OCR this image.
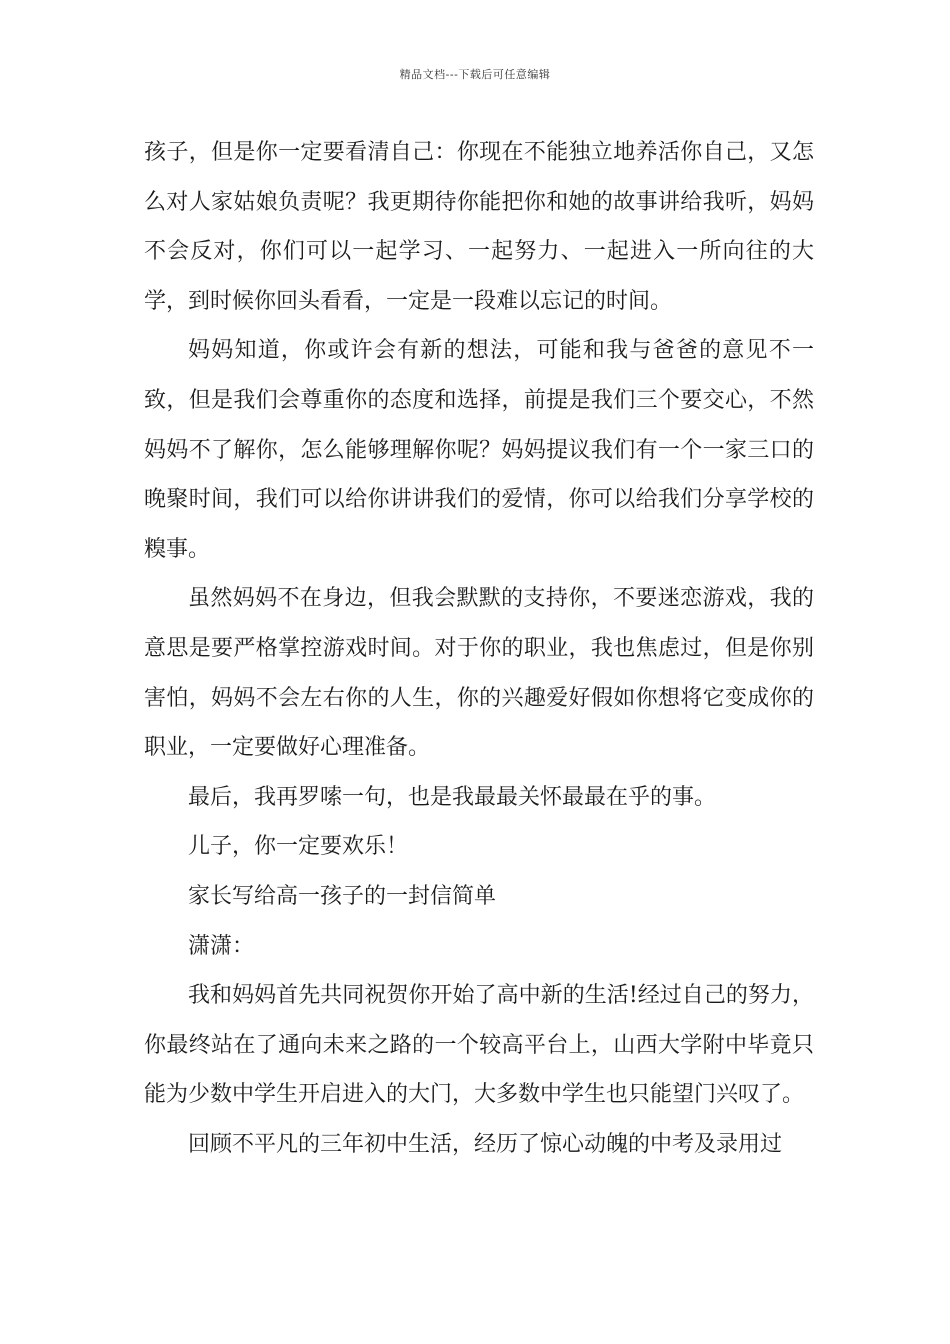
精品文档---下载后可任意编辑

孩子，但是你一定要看清自己：你现在不能独立地养活你自己，又怎么对人家姑娘负责呢？我更期待你能把你和她的故事讲给我听，妈妈不会反对，你们可以一起学习、一起努力、一起进入一所向往的大学，到时候你回头看看，一定是一段难以忘记的时间。

妈妈知道，你或许会有新的想法，可能和我与爸爸的意见不一致，但是我们会尊重你的态度和选择，前提是我们三个要交心，不然妈妈不了解你，怎么能够理解你呢？妈妈提议我们有一个一家三口的晚聚时间，我们可以给你讲讲我们的爱情，你可以给我们分享学校的糗事。

虽然妈妈不在身边，但我会默默的支持你，不要迷恋游戏，我的意思是要严格掌控游戏时间。对于你的职业，我也焦虑过，但是你别害怕，妈妈不会左右你的人生，你的兴趣爱好假如你想将它变成你的职业，一定要做好心理准备。

最后，我再罗嗦一句，也是我最最关怀最最在乎的事。

儿子，你一定要欢乐！

家长写给高一孩子的一封信简单

潇潇：

我和妈妈首先共同祝贺你开始了高中新的生活!经过自己的努力，你最终站在了通向未来之路的一个较高平台上，山西大学附中毕竟只能为少数中学生开启进入的大门，大多数中学生也只能望门兴叹了。

回顾不平凡的三年初中生活，经历了惊心动魄的中考及录用过
